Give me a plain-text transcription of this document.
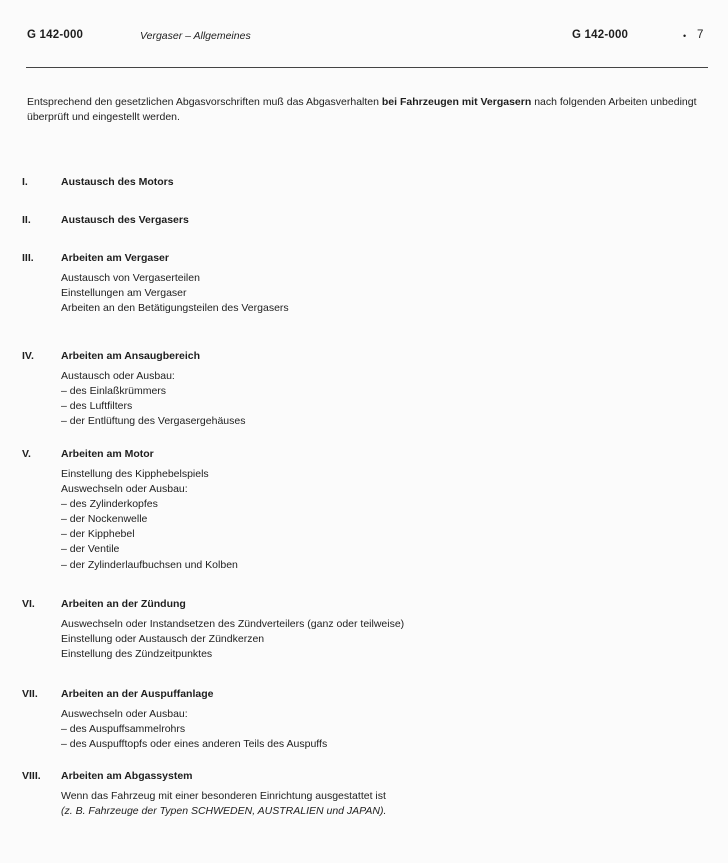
G 142-000	Vergaser – Allgemeines	G 142-000	• 7

Entsprechend den gesetzlichen Abgasvorschriften muß das Abgasverhalten bei Fahrzeugen mit Vergasern nach folgenden Arbeiten unbedingt überprüft und eingestellt werden.

I.	Austausch des Motors
II.	Austausch des Vergasers
III.	Arbeiten am Vergaser
Austausch von Vergaserteilen
Einstellungen am Vergaser
Arbeiten an den Betätigungsteilen des Vergasers
IV.	Arbeiten am Ansaugbereich
Austausch oder Ausbau:
– des Einlaßkrümmers
– des Luftfilters
– der Entlüftung des Vergasergehäuses
V.	Arbeiten am Motor
Einstellung des Kipphebelspiels
Auswechseln oder Ausbau:
– des Zylinderkopfes
– der Nockenwelle
– der Kipphebel
– der Ventile
– der Zylinderlaufbuchsen und Kolben
VI. Arbeiten an der Zündung
Auswechseln oder Instandsetzen des Zündverteilers (ganz oder teilweise)
Einstellung oder Austausch der Zündkerzen
Einstellung des Zündzeitpunktes
VII. Arbeiten an der Auspuffanlage
Auswechseln oder Ausbau:
– des Auspuffsammelrohrs
– des Auspufftopfs oder eines anderen Teils des Auspuffs
VIII. Arbeiten am Abgassystem
Wenn das Fahrzeug mit einer besonderen Einrichtung ausgestattet ist
(z. B. Fahrzeuge der Typen SCHWEDEN, AUSTRALIEN und JAPAN).
